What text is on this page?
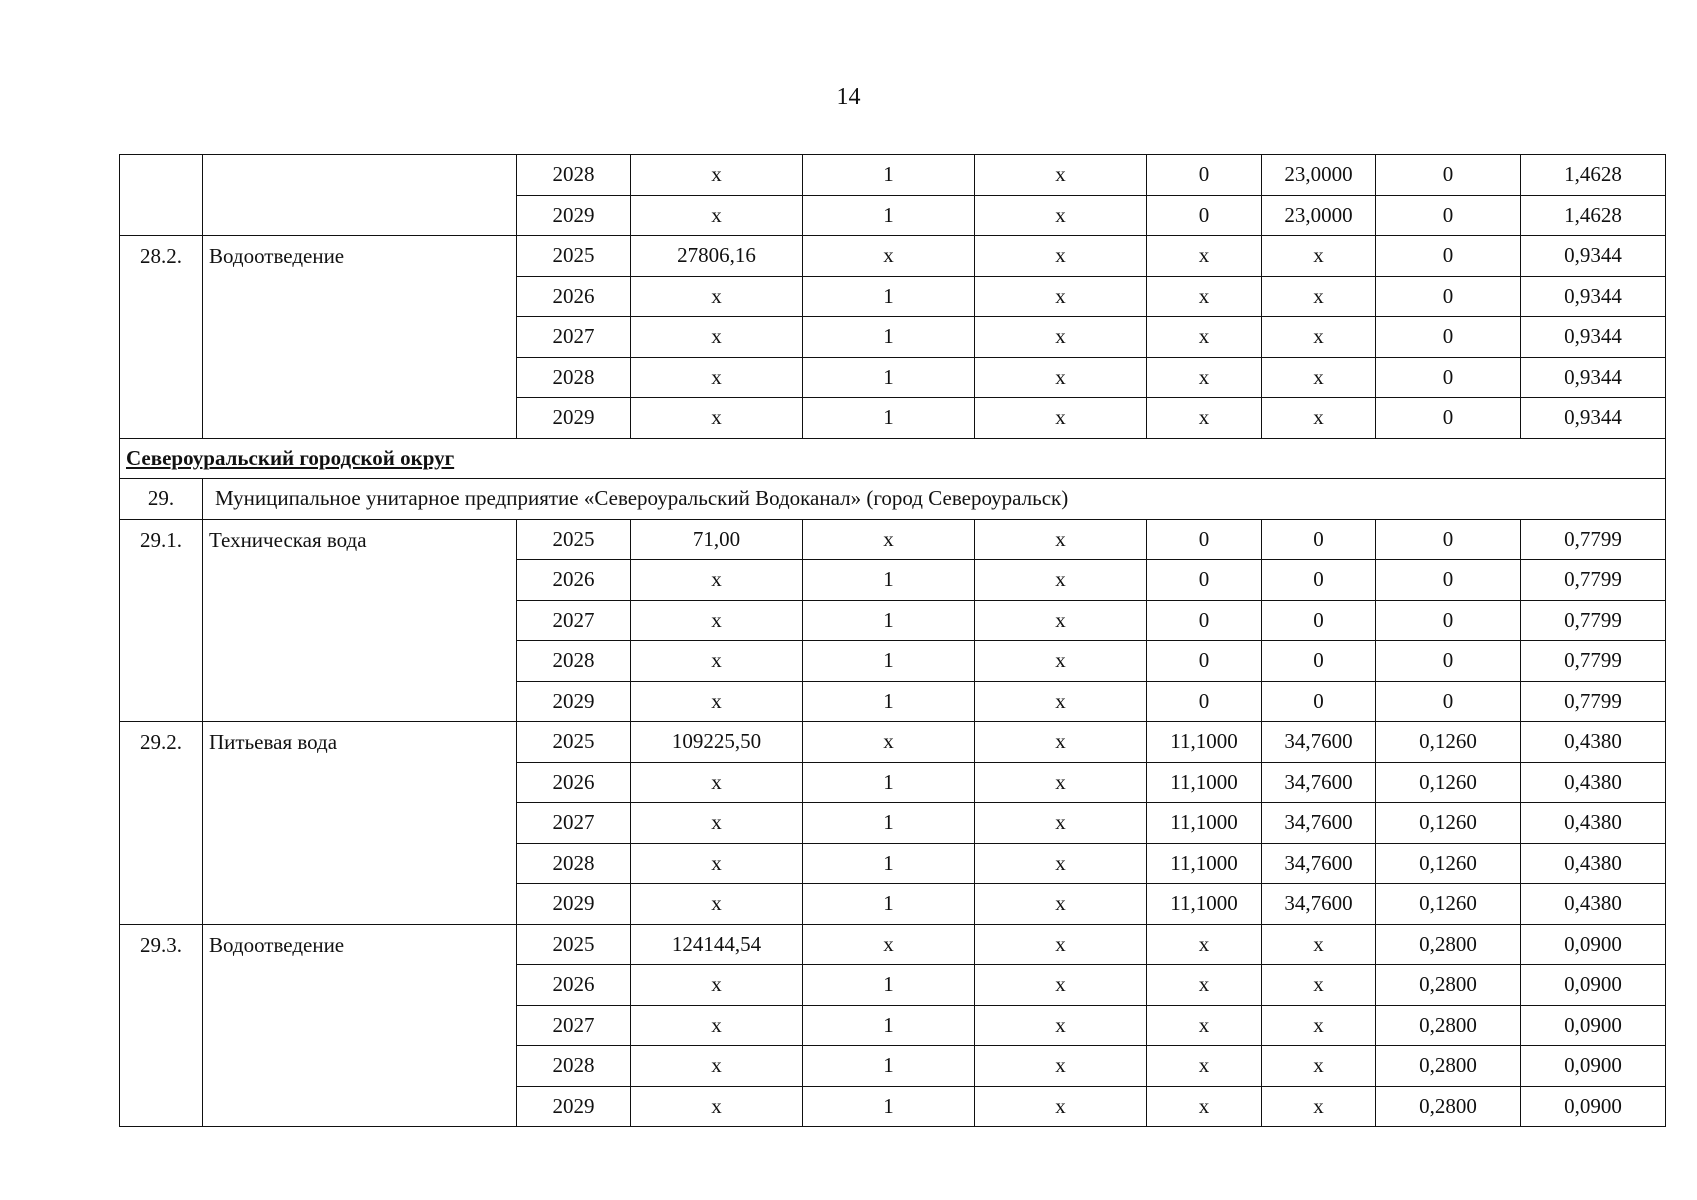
14
		2028	x	1	x	0	23,0000	0	1,4628
		2029	x	1	x	0	23,0000	0	1,4628
28.2.	Водоотведение	2025	27806,16	x	x	x	x	0	0,9344
		2026	x	1	x	x	x	0	0,9344
		2027	x	1	x	x	x	0	0,9344
		2028	x	1	x	x	x	0	0,9344
		2029	x	1	x	x	x	0	0,9344
Североуральский городской округ									
29.	Муниципальное унитарное предприятие «Североуральский Водоканал» (город Североуральск)								
29.1.	Техническая вода	2025	71,00	x	x	0	0	0	0,7799
		2026	x	1	x	0	0	0	0,7799
		2027	x	1	x	0	0	0	0,7799
		2028	x	1	x	0	0	0	0,7799
		2029	x	1	x	0	0	0	0,7799
29.2.	Питьевая вода	2025	109225,50	x	x	11,1000	34,7600	0,1260	0,4380
		2026	x	1	x	11,1000	34,7600	0,1260	0,4380
		2027	x	1	x	11,1000	34,7600	0,1260	0,4380
		2028	x	1	x	11,1000	34,7600	0,1260	0,4380
		2029	x	1	x	11,1000	34,7600	0,1260	0,4380
29.3.	Водоотведение	2025	124144,54	x	x	x	x	0,2800	0,0900
		2026	x	1	x	x	x	0,2800	0,0900
		2027	x	1	x	x	x	0,2800	0,0900
		2028	x	1	x	x	x	0,2800	0,0900
		2029	x	1	x	x	x	0,2800	0,0900
